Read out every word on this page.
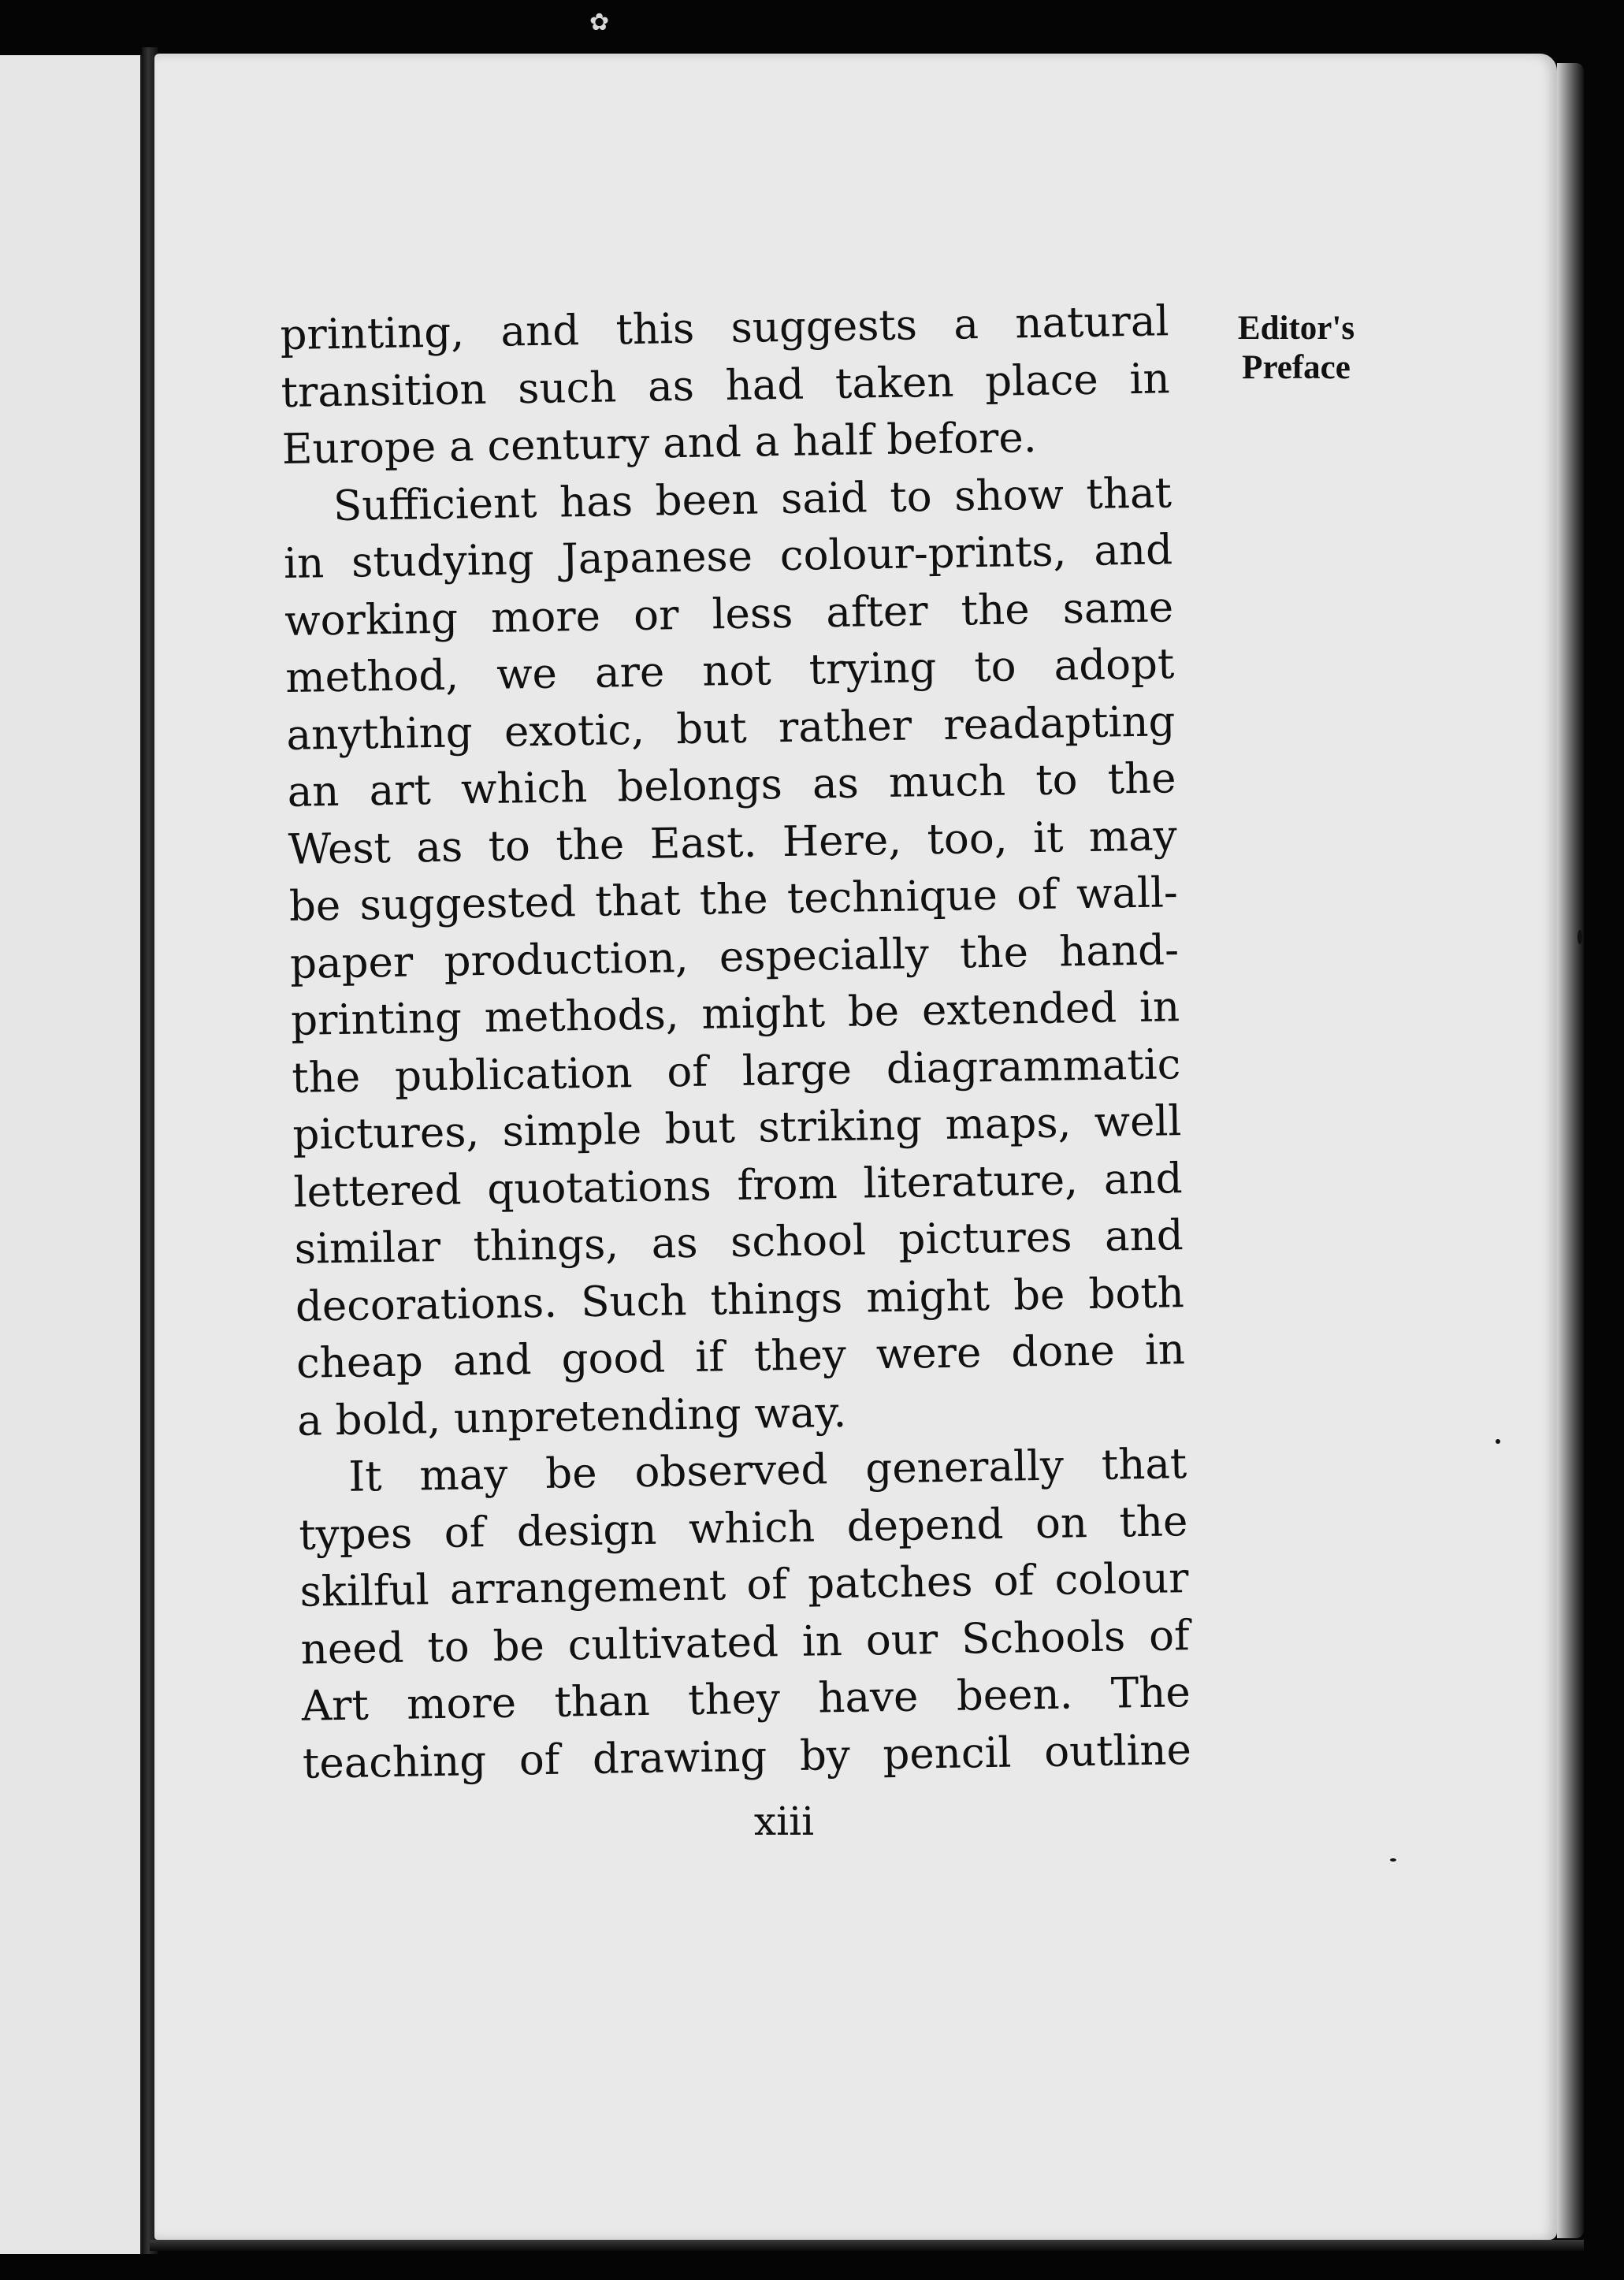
✿
Editor's
Preface
printing, and this suggests a natural
transition such as had taken place in
Europe a century and a half before.
Sufficient has been said to show that
in studying Japanese colour-prints, and
working more or less after the same
method, we are not trying to adopt
anything exotic, but rather readapting
an art which belongs as much to the
West as to the East. Here, too, it may
be suggested that the technique of wall-
paper production, especially the hand-
printing methods, might be extended in
the publication of large diagrammatic
pictures, simple but striking maps, well
lettered quotations from literature, and
similar things, as school pictures and
decorations. Such things might be both
cheap and good if they were done in
a bold, unpretending way.
It may be observed generally that
types of design which depend on the
skilful arrangement of patches of colour
need to be cultivated in our Schools of
Art more than they have been. The
teaching of drawing by pencil outline
xiii
